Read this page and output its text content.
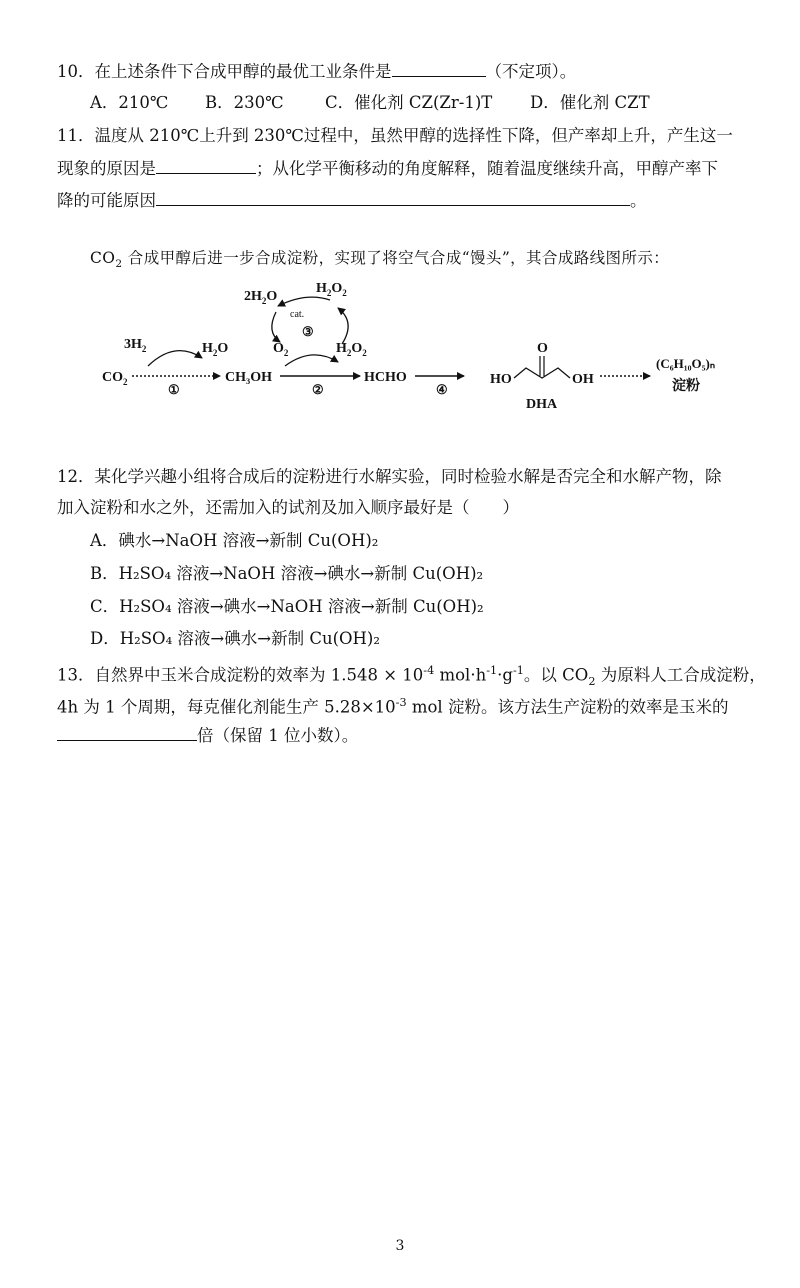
10．在上述条件下合成甲醇的最优工业条件是	（不定项）。
A．210℃ B．230℃	C．催化剂 CZ(Zr-1)T D．催化剂 CZT
11．温度从 210℃上升到 230℃过程中，虽然甲醇的选择性下降，但产率却上升，产生这一
现象的原因是	；从化学平衡移动的角度解释，随着温度继续升高，甲醇产率下
降的可能原因	。
$CO_2$ 合成甲醇后进一步合成淀粉，实现了将空气合成“馒头”，其合成路线图所示：
$CO_2$
$3H_2$	$H_2O$
①
CH₃OH
②
$O_2$	$H_2O_2$
$2H_2O$
$H_2O_2$
cat.
③
HCHO
④
HO
O
OH
DHA
(C₆H₁₀O₅)ₙ
淀粉
12．某化学兴趣小组将合成后的淀粉进行水解实验，同时检验水解是否完全和水解产物，除
加入淀粉和水之外，还需加入的试剂及加入顺序最好是（　　）
A．碘水→NaOH 溶液→新制 Cu(OH)₂
B．H₂SO₄ 溶液→NaOH 溶液→碘水→新制 Cu(OH)₂
C．H₂SO₄ 溶液→碘水→NaOH 溶液→新制 Cu(OH)₂
D．H₂SO₄ 溶液→碘水→新制 Cu(OH)₂
13．自然界中玉米合成淀粉的效率为 $1.548 \times 10^{-4}$ $mol\cdot h^{-1}\cdot g^{-1}$。以 $CO_2$ 为原料人工合成淀粉，
4h 为 1 个周期，每克催化剂能生产 $5.28\times 10^{-3}$ mol 淀粉。该方法生产淀粉的效率是玉米的
倍（保留 1 位小数）。
3
